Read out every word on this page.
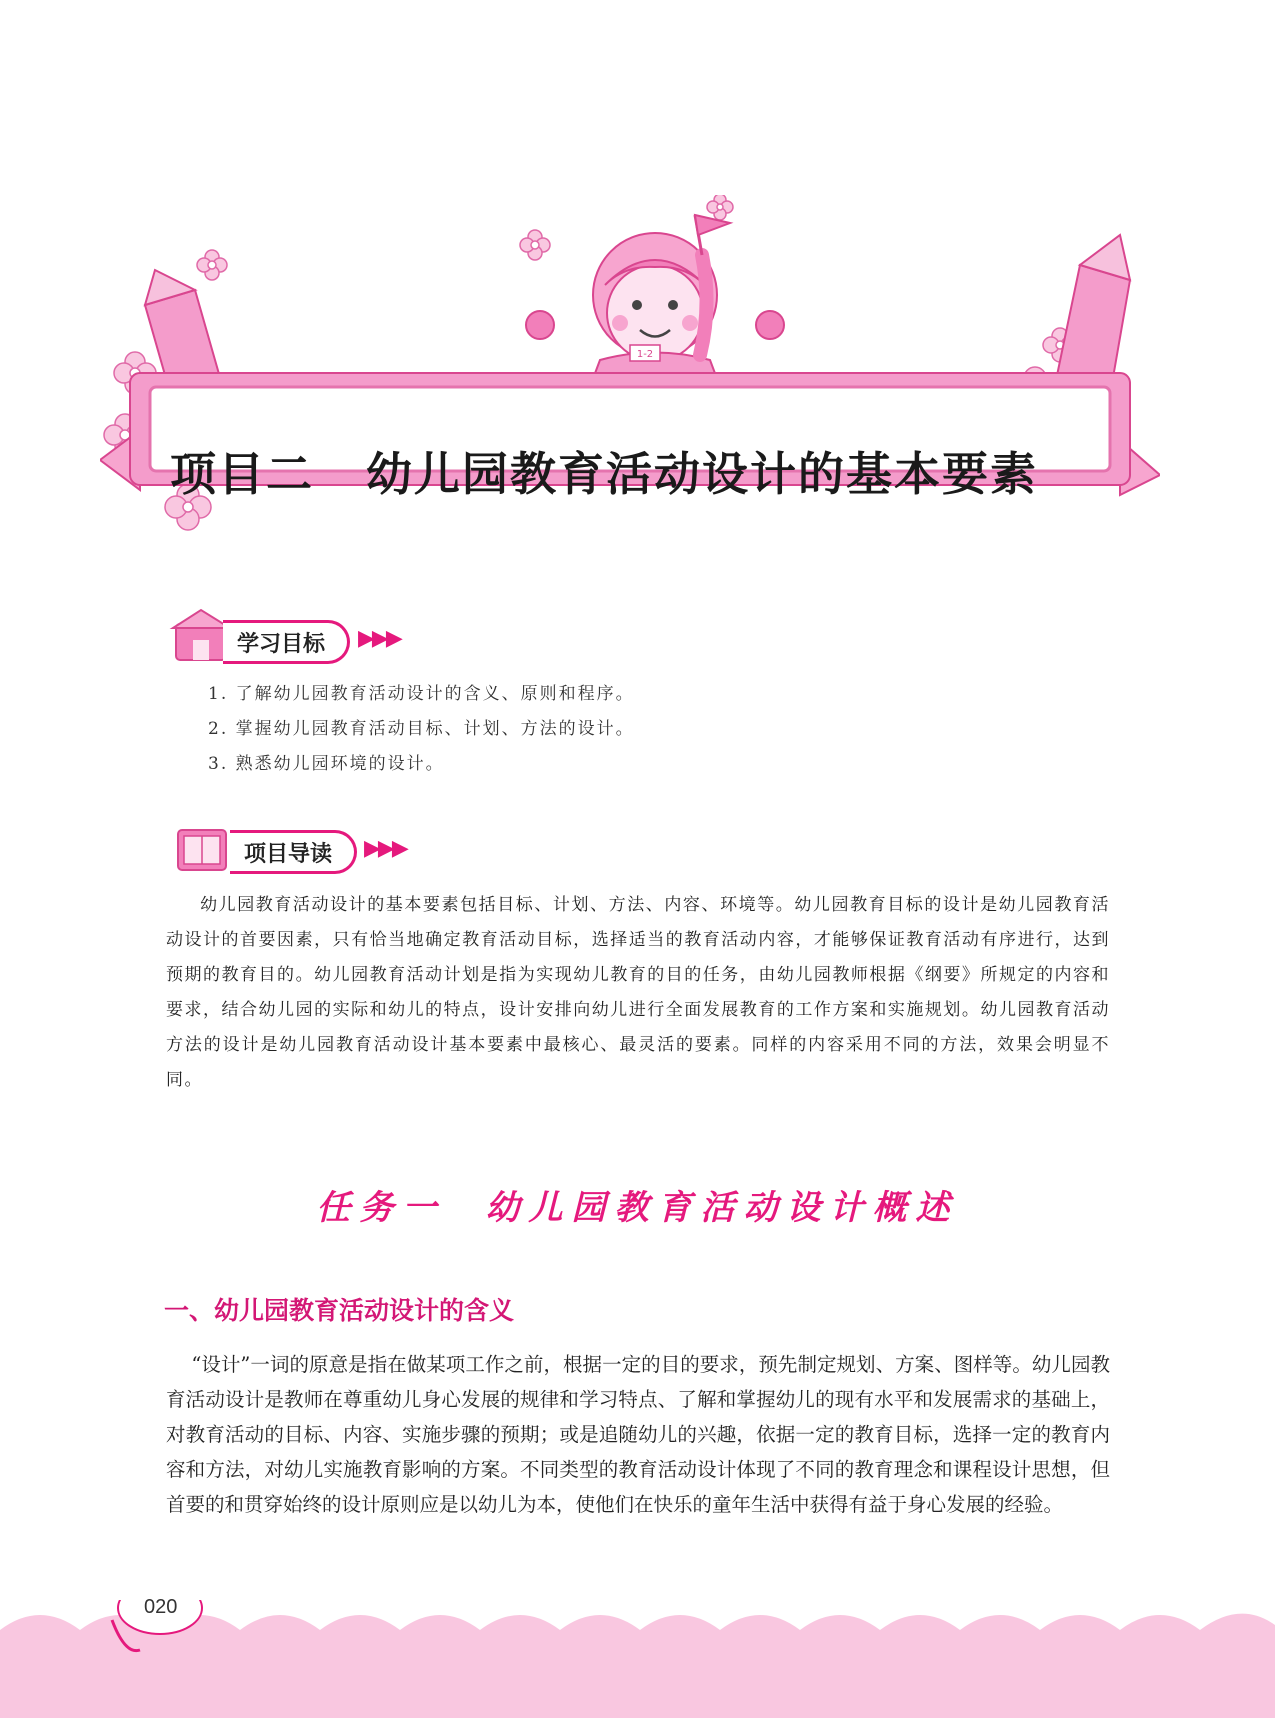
1-2
项目二 幼儿园教育活动设计的基本要素
学习目标	▶▶▶
1. 了解幼儿园教育活动设计的含义、原则和程序。
2. 掌握幼儿园教育活动目标、计划、方法的设计。
3. 熟悉幼儿园环境的设计。
项目导读	▶▶▶
幼儿园教育活动设计的基本要素包括目标、计划、方法、内容、环境等。幼儿园教育目标的设计是幼儿园教育活动设计的首要因素，只有恰当地确定教育活动目标，选择适当的教育活动内容，才能够保证教育活动有序进行，达到预期的教育目的。幼儿园教育活动计划是指为实现幼儿教育的目的任务，由幼儿园教师根据《纲要》所规定的内容和要求，结合幼儿园的实际和幼儿的特点，设计安排向幼儿进行全面发展教育的工作方案和实施规划。幼儿园教育活动方法的设计是幼儿园教育活动设计基本要素中最核心、最灵活的要素。同样的内容采用不同的方法，效果会明显不同。
任务一 幼儿园教育活动设计概述
一、幼儿园教育活动设计的含义
“设计”一词的原意是指在做某项工作之前，根据一定的目的要求，预先制定规划、方案、图样等。幼儿园教育活动设计是教师在尊重幼儿身心发展的规律和学习特点、了解和掌握幼儿的现有水平和发展需求的基础上，对教育活动的目标、内容、实施步骤的预期；或是追随幼儿的兴趣，依据一定的教育目标，选择一定的教育内容和方法，对幼儿实施教育影响的方案。不同类型的教育活动设计体现了不同的教育理念和课程设计思想，但首要的和贯穿始终的设计原则应是以幼儿为本，使他们在快乐的童年生活中获得有益于身心发展的经验。
020
